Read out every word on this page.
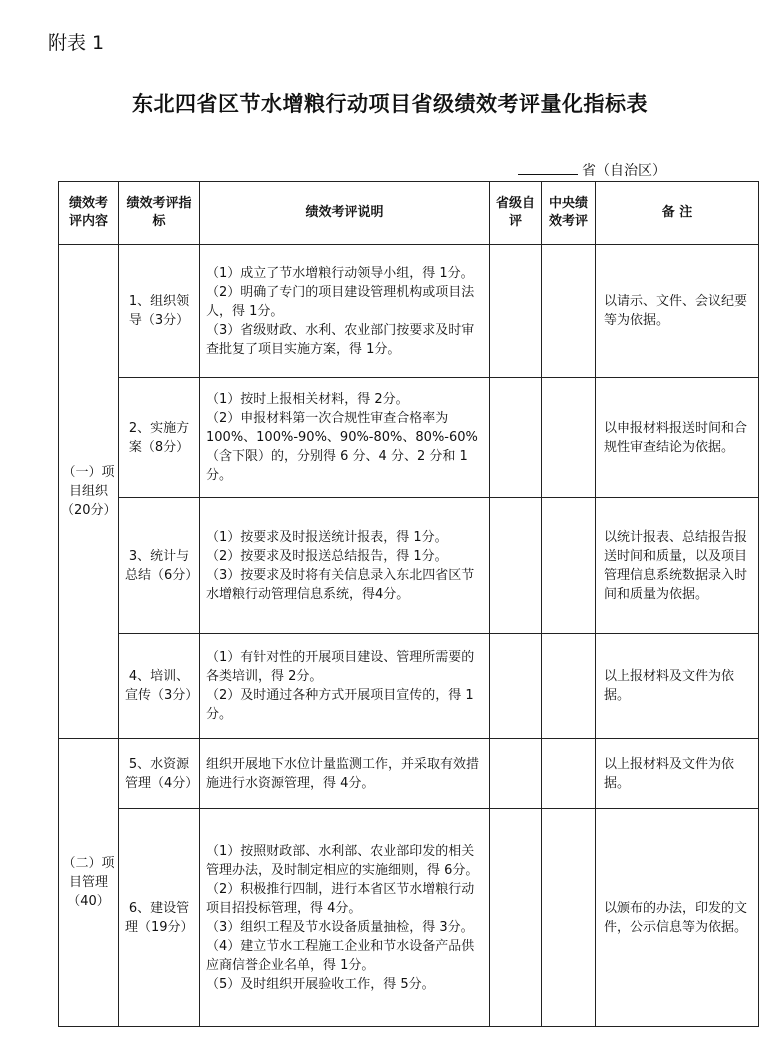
附表 1
东北四省区节水增粮行动项目省级绩效考评量化指标表
省（自治区）
绩效考评内容	绩效考评指标	绩效考评说明	省级自评	中央绩效考评	备 注
（一）项目组织（20分）	1、组织领导（3分）	（1）成立了节水增粮行动领导小组，得 1分。
（2）明确了专门的项目建设管理机构或项目法人，得 1分。
（3）省级财政、水利、农业部门按要求及时审查批复了项目实施方案，得 1分。			以请示、文件、会议纪要等为依据。
	2、实施方案（8分）	（1）按时上报相关材料，得 2分。
（2）申报材料第一次合规性审查合格率为 100%、100%-90%、90%-80%、80%-60%（含下限）的，分别得 6 分、4 分、2 分和 1分。			以申报材料报送时间和合规性审查结论为依据。
	3、统计与总结（6分）	（1）按要求及时报送统计报表，得 1分。
（2）按要求及时报送总结报告，得 1分。
（3）按要求及时将有关信息录入东北四省区节水增粮行动管理信息系统，得4分。			以统计报表、总结报告报送时间和质量，以及项目管理信息系统数据录入时间和质量为依据。
	4、培训、宣传（3分）	（1）有针对性的开展项目建设、管理所需要的各类培训，得 2分。
（2）及时通过各种方式开展项目宣传的，得 1分。			以上报材料及文件为依据。
（二）项目管理（40）	5、水资源管理（4分）	组织开展地下水位计量监测工作，并采取有效措施进行水资源管理，得 4分。			以上报材料及文件为依据。
	6、建设管理（19分）	（1）按照财政部、水利部、农业部印发的相关管理办法，及时制定相应的实施细则，得 6分。
（2）积极推行四制，进行本省区节水增粮行动项目招投标管理，得 4分。
（3）组织工程及节水设备质量抽检，得 3分。
（4）建立节水工程施工企业和节水设备产品供应商信誉企业名单，得 1分。
（5）及时组织开展验收工作，得 5分。			以颁布的办法，印发的文件，公示信息等为依据。
